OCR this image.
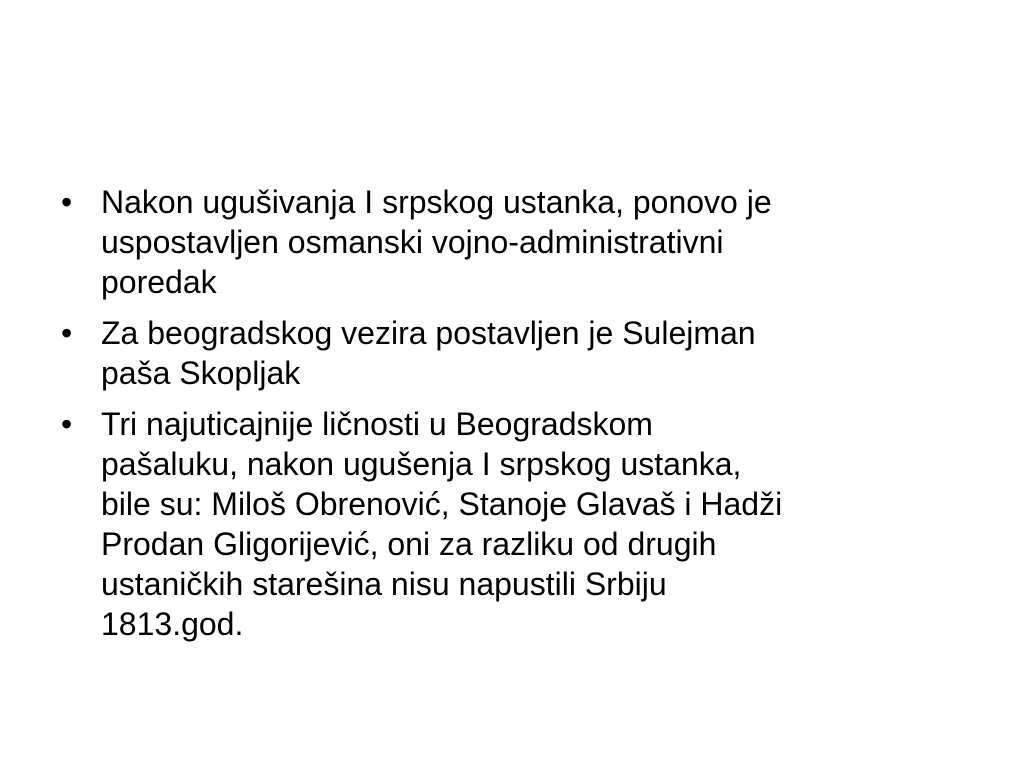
• Nakon ugušivanja I srpskog ustanka, ponovo je
uspostavljen osmanski vojno-administrativni
poredak
• Za beogradskog vezira postavljen je Sulejman
paša Skopljak
• Tri najuticajnije ličnosti u Beogradskom
pašaluku, nakon ugušenja I srpskog ustanka,
bile su: Miloš Obrenović, Stanoje Glavaš i Hadži
Prodan Gligorijević, oni za razliku od drugih
ustaničkih starešina nisu napustili Srbiju
1813.god.
